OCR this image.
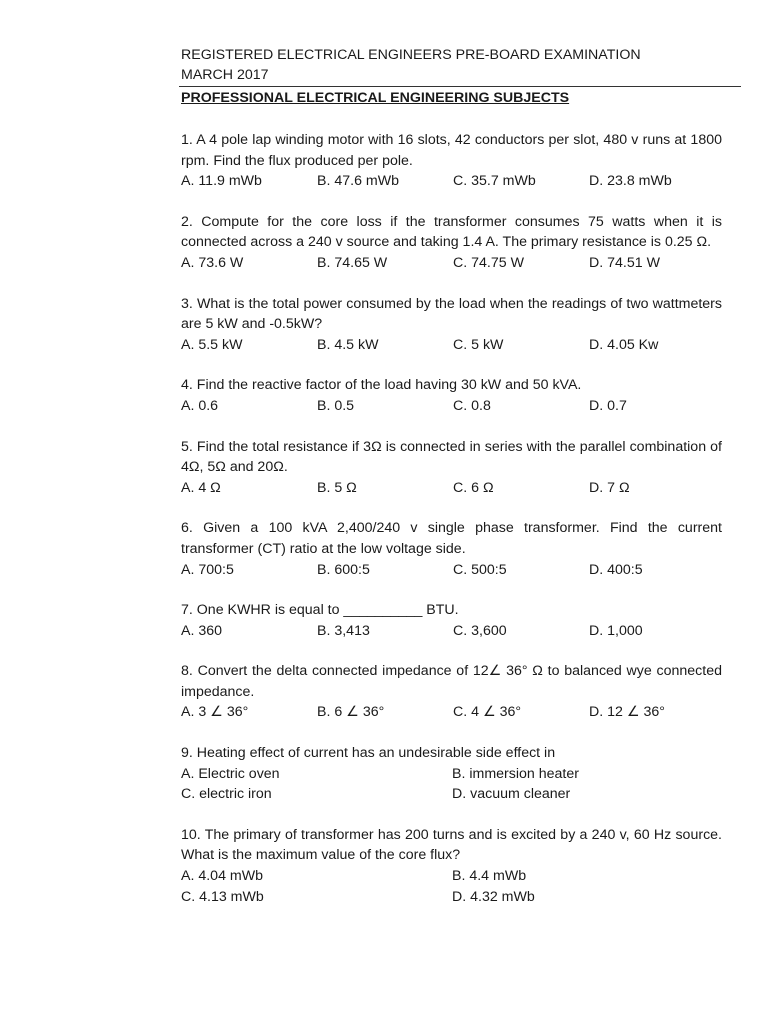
REGISTERED ELECTRICAL ENGINEERS PRE-BOARD EXAMINATION
MARCH 2017
PROFESSIONAL ELECTRICAL ENGINEERING SUBJECTS
1. A 4 pole lap winding motor with 16 slots, 42 conductors per slot, 480 v runs at 1800 rpm. Find the flux produced per pole.
A. 11.9 mWb	B. 47.6 mWb	C. 35.7 mWb	D. 23.8 mWb
2. Compute for the core loss if the transformer consumes 75 watts when it is connected across a 240 v source and taking 1.4 A. The primary resistance is 0.25 Ω.
A. 73.6 W	B. 74.65 W	C. 74.75 W	D. 74.51 W
3. What is the total power consumed by the load when the readings of two wattmeters are 5 kW and -0.5kW?
A. 5.5 kW	B. 4.5 kW	C. 5 kW	D. 4.05 Kw
4. Find the reactive factor of the load having 30 kW and 50 kVA.
A. 0.6	B. 0.5	C. 0.8	D. 0.7
5. Find the total resistance if 3Ω is connected in series with the parallel combination of 4Ω, 5Ω and 20Ω.
A. 4 Ω	B. 5 Ω	C. 6 Ω	D. 7 Ω
6. Given a 100 kVA 2,400/240 v single phase transformer. Find the current transformer (CT) ratio at the low voltage side.
A. 700:5	B. 600:5	C. 500:5	D. 400:5
7. One KWHR is equal to __________ BTU.
A. 360	B. 3,413	C. 3,600	D. 1,000
8. Convert the delta connected impedance of 12∠ 36° Ω to balanced wye connected impedance.
A. 3 ∠ 36°	B. 6 ∠ 36°	C. 4 ∠ 36°	D. 12 ∠ 36°
9. Heating effect of current has an undesirable side effect in
A. Electric oven	B. immersion heater
C. electric iron	D. vacuum cleaner
10. The primary of transformer has 200 turns and is excited by a 240 v, 60 Hz source. What is the maximum value of the core flux?
A. 4.04 mWb	B. 4.4 mWb
C. 4.13 mWb	D. 4.32 mWb
